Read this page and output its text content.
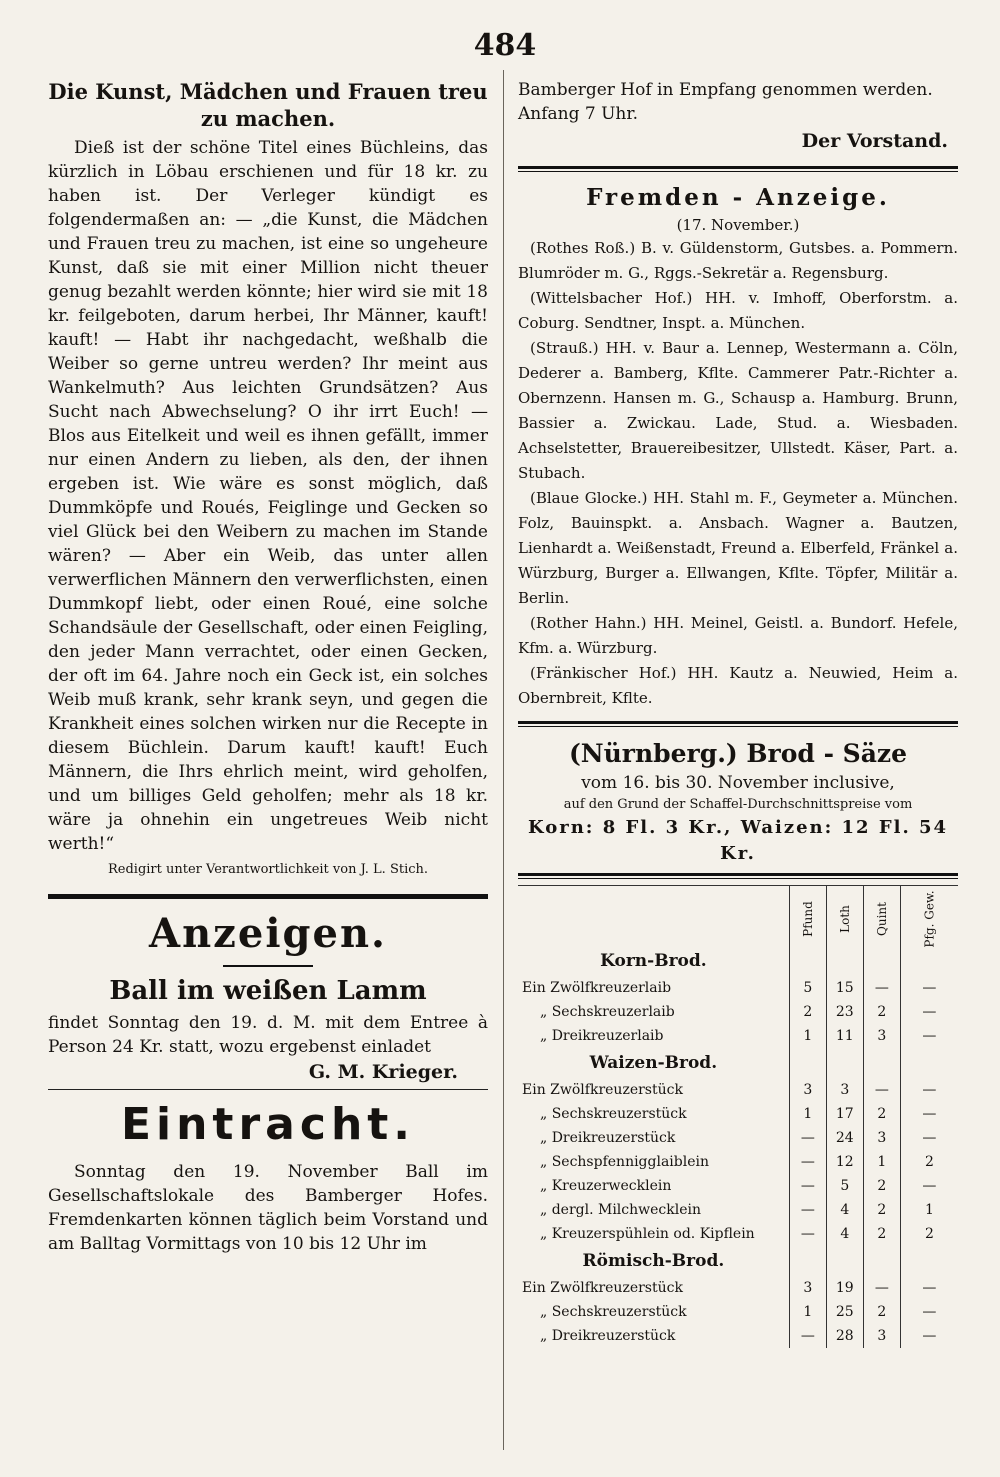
484
Die Kunst, Mädchen und Frauen treu zu machen.

Dieß ist der schöne Titel eines Büchleins, das kürzlich in Löbau erschienen und für 18 kr. zu haben ist. Der Verleger kündigt es folgendermaßen an: — „die Kunst, die Mädchen und Frauen treu zu machen, ist eine so ungeheure Kunst, daß sie mit einer Million nicht theuer genug bezahlt werden könnte; hier wird sie mit 18 kr. feilgeboten, darum herbei, Ihr Männer, kauft! kauft! — Habt ihr nachgedacht, weßhalb die Weiber so gerne untreu werden? Ihr meint aus Wankelmuth? Aus leichten Grundsätzen? Aus Sucht nach Abwechselung? O ihr irrt Euch! — Blos aus Eitelkeit und weil es ihnen gefällt, immer nur einen Andern zu lieben, als den, der ihnen ergeben ist. Wie wäre es sonst möglich, daß Dummköpfe und Roués, Feiglinge und Gecken so viel Glück bei den Weibern zu machen im Stande wären? — Aber ein Weib, das unter allen verwerflichen Männern den verwerflichsten, einen Dummkopf liebt, oder einen Roué, eine solche Schandsäule der Gesellschaft, oder einen Feigling, den jeder Mann verrachtet, oder einen Gecken, der oft im 64. Jahre noch ein Geck ist, ein solches Weib muß krank, sehr krank seyn, und gegen die Krankheit eines solchen wirken nur die Recepte in diesem Büchlein. Darum kauft! kauft! Euch Männern, die Ihrs ehrlich meint, wird geholfen, und um billiges Geld geholfen; mehr als 18 kr. wäre ja ohnehin ein ungetreues Weib nicht werth!“

Redigirt unter Verantwortlichkeit von J. L. Stich.
Anzeigen.
Ball im weißen Lamm

findet Sonntag den 19. d. M. mit dem Entree à Person 24 Kr. statt, wozu ergebenst einladet

G. M. Krieger.
Eintracht.

Sonntag den 19. November Ball im Gesellschaftslokale des Bamberger Hofes. Fremdenkarten können täglich beim Vorstand und am Balltag Vormittags von 10 bis 12 Uhr im

Bamberger Hof in Empfang genommen werden. Anfang 7 Uhr.

Der Vorstand.
Fremden - Anzeige.
(17. November.)

(Rothes Roß.) B. v. Güldenstorm, Gutsbes. a. Pommern. Blumröder m. G., Rggs.-Sekretär a. Regensburg.

(Wittelsbacher Hof.) HH. v. Imhoff, Oberforstm. a. Coburg. Sendtner, Inspt. a. München.

(Strauß.) HH. v. Baur a. Lennep, Westermann a. Cöln, Dederer a. Bamberg, Kfltе. Cammerer Patr.-Richter a. Obernzenn. Hansen m. G., Schausp a. Hamburg. Brunn, Bassier a. Zwickau. Lade, Stud. a. Wiesbaden. Achselstetter, Brauereibesitzer, Ullstedt. Käser, Part. a. Stubach.

(Blaue Glocke.) HH. Stahl m. F., Geymeter a. München. Folz, Bauinspkt. a. Ansbach. Wagner a. Bautzen, Lienhardt a. Weißenstadt, Freund a. Elberfeld, Fränkel a. Würzburg, Burger a. Ellwangen, Kflte. Töpfer, Militär a. Berlin.

(Rother Hahn.) HH. Meinel, Geistl. a. Bundorf. Hefele, Kfm. a. Würzburg.

(Fränkischer Hof.) HH. Kautz a. Neuwied, Heim a. Obernbreit, Kflte.

(Nürnberg.) Brod - Säze
vom 16. bis 30. November inclusive,
auf den Grund der Schaffel-Durchschnittspreise vom
Korn: 8 Fl. 3 Kr., Waizen: 12 Fl. 54 Kr.
	Pfund	Loth	Quint	Pfg. Gew.
Korn-Brod.				
Ein Zwölfkreuzerlaib	5	15	—	—
„ Sechskreuzerlaib	2	23	2	—
„ Dreikreuzerlaib	1	11	3	—
Waizen-Brod.				
Ein Zwölfkreuzerstück	3	3	—	—
„ Sechskreuzerstück	1	17	2	—
„ Dreikreuzerstück	—	24	3	—
„ Sechspfennigglaiblein	—	12	1	2
„ Kreuzerwecklein	—	5	2	—
„ dergl. Milchwecklein	—	4	2	1
„ Kreuzerspühlein od. Kipflein	—	4	2	2
Römisch-Brod.				
Ein Zwölfkreuzerstück	3	19	—	—
„ Sechskreuzerstück	1	25	2	—
„ Dreikreuzerstück	—	28	3	—
